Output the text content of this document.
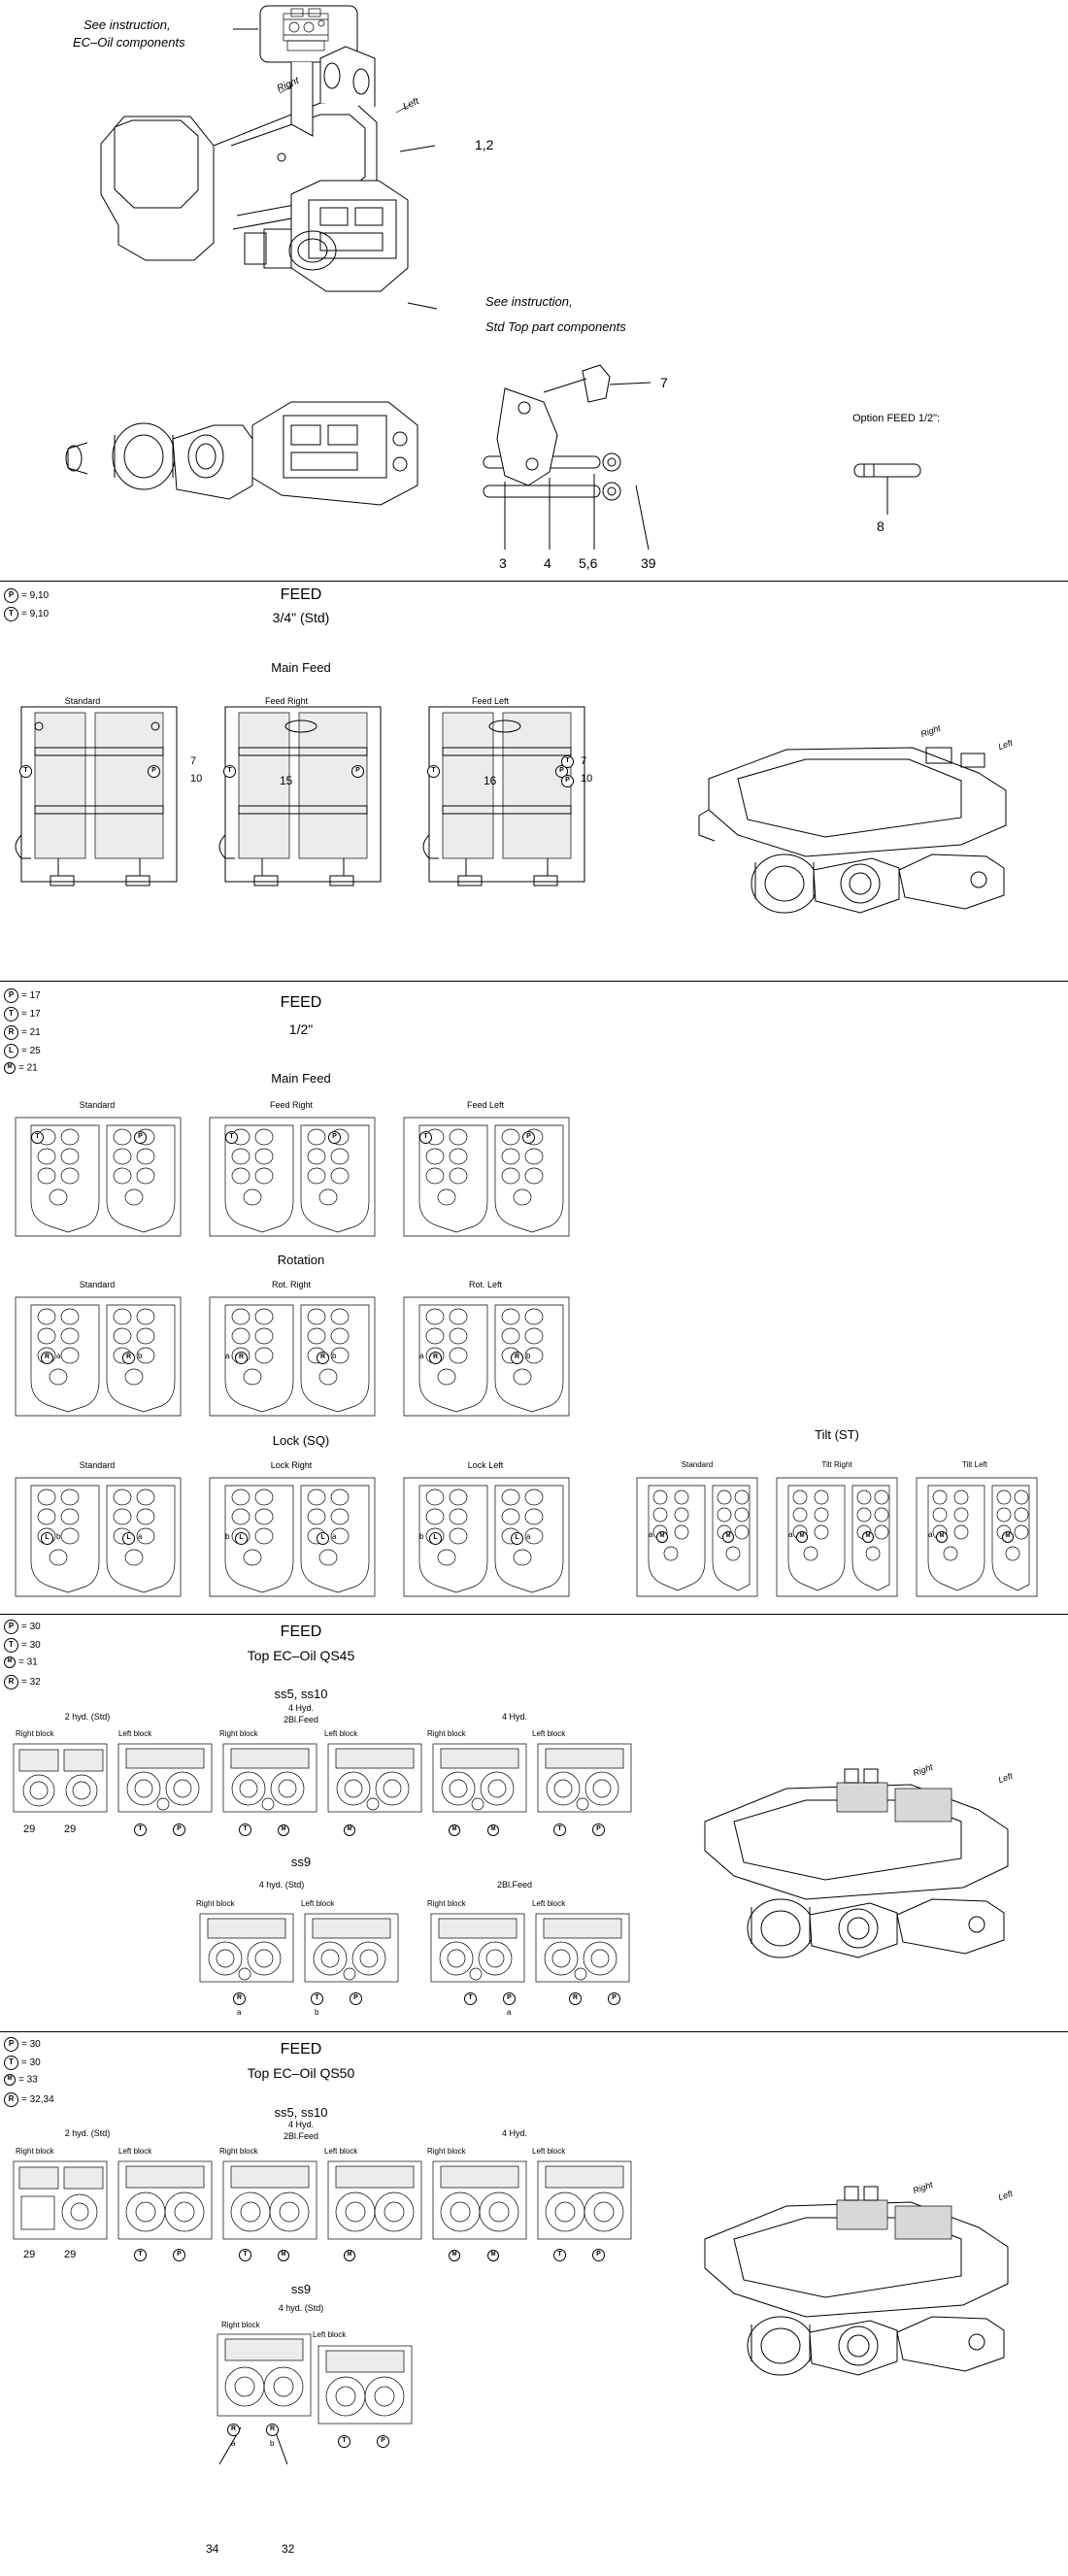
See instruction,
EC–Oil components
Right
Left
1,2
See instruction,
Std Top part components
7
3	4 5,6	39
Option FEED 1/2":
8
P = 9,10
T = 9,10
FEED
3/4" (Std)
Main Feed
Standard	Feed Right	Feed Left
T	P	T	P	T	P
T
P
7
10
7
10
15	16
Right
Left
P = 17
T = 17
R = 21
L = 25
M = 21
FEED
1/2"
Main Feed
Standard	Feed Right	Feed Left
T	P	T	P	T	P
Rotation
Standard	Rot. Right	Rot. Left
R	R
a	b	R	R
a	b	R	R
a	b
Lock (SQ)	Tilt (ST)
Standard	Lock Right	Lock Left	Standard	Tilt Right	Tilt Left
L	L
b	a	L	L
b	a	L	L
b	a	M	M	M	M	M	M
a	a	a
P = 30
T = 30
M = 31
R = 32
FEED
Top EC–Oil QS45
ss5, ss10
2 hyd. (Std)
4 Hyd.
2Bl.Feed	4 Hyd.
Right block	Left block	Right block	Left block	Right block	Left block
29	29	T	P	T	M	M	M	M	T	P
ss9
4 hyd. (Std)	2Bl.Feed
Right block	Left block	Right block	Left block
R	T	P
a	b
T	P
a
R	P
Right	Left
P = 30
T = 30
M = 33
R = 32,34
FEED
Top EC–Oil QS50
ss5, ss10
2 hyd. (Std)
4 Hyd.
2Bl.Feed	4 Hyd.
Right block	Left block	Right block	Left block	Right block	Left block
29	29	T	P	T	M	M	M	M	T	P
ss9
4 hyd. (Std)
Right block
Left block
R	R
a	b	T	P
34	32
Right	Left
